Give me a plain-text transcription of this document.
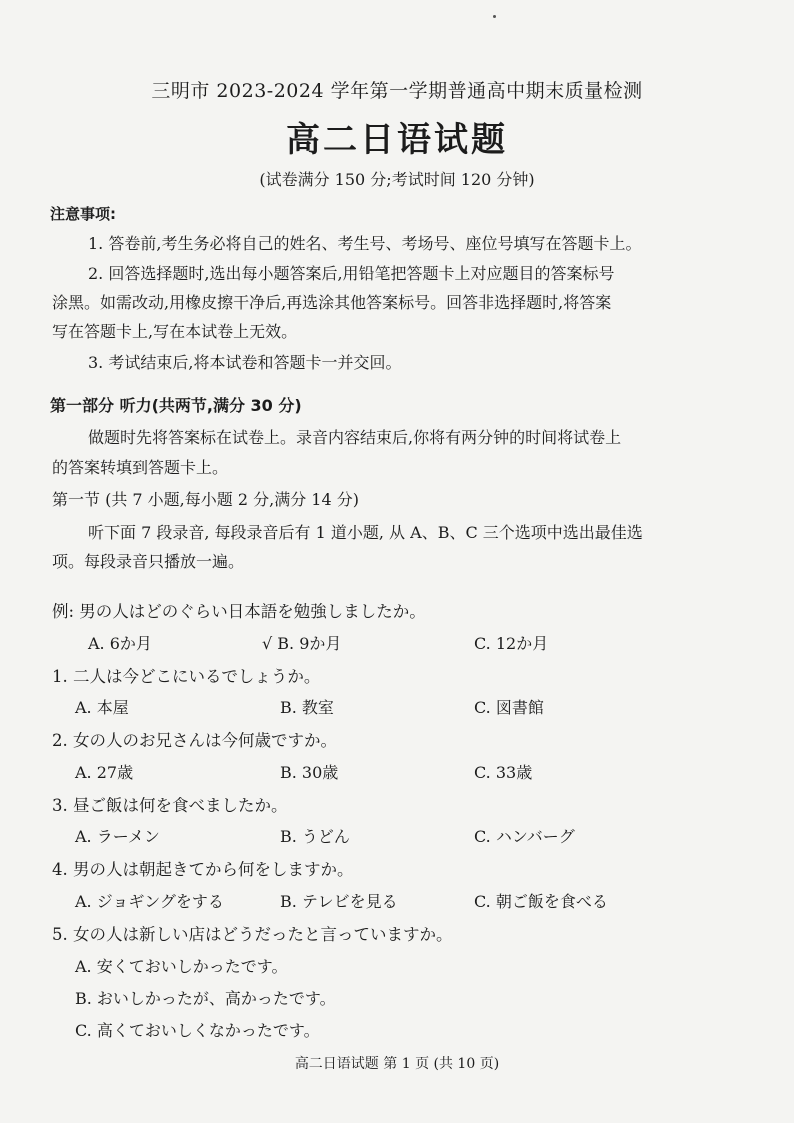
三明市 2023-2024 学年第一学期普通高中期末质量检测
高二日语试题
(试卷满分 150 分;考试时间 120 分钟)
注意事项:
1. 答卷前,考生务必将自己的姓名、考生号、考场号、座位号填写在答题卡上。
2. 回答选择题时,选出每小题答案后,用铅笔把答题卡上对应题目的答案标号
涂黑。如需改动,用橡皮擦干净后,再选涂其他答案标号。回答非选择题时,将答案
写在答题卡上,写在本试卷上无效。
3. 考试结束后,将本试卷和答题卡一并交回。
第一部分 听力(共两节,满分 30 分)
做题时先将答案标在试卷上。录音内容结束后,你将有两分钟的时间将试卷上
的答案转填到答题卡上。
第一节 (共 7 小题,每小题 2 分,满分 14 分)
听下面 7 段录音, 每段录音后有 1 道小题, 从 A、B、C 三个选项中选出最佳选
项。每段录音只播放一遍。
例: 男の人はどのぐらい日本語を勉強しましたか。
A. 6か月	√ B. 9か月	C. 12か月
1. 二人は今どこにいるでしょうか。
A. 本屋	B. 教室	C. 図書館
2. 女の人のお兄さんは今何歳ですか。
A. 27歳	B. 30歳	C. 33歳
3. 昼ご飯は何を食べましたか。
A. ラーメン	B. うどん	C. ハンバーグ
4. 男の人は朝起きてから何をしますか。
A. ジョギングをする	B. テレビを見る	C. 朝ご飯を食べる
5. 女の人は新しい店はどうだったと言っていますか。
A. 安くておいしかったです。
B. おいしかったが、高かったです。
C. 高くておいしくなかったです。
高二日语试题 第 1 页 (共 10 页)
